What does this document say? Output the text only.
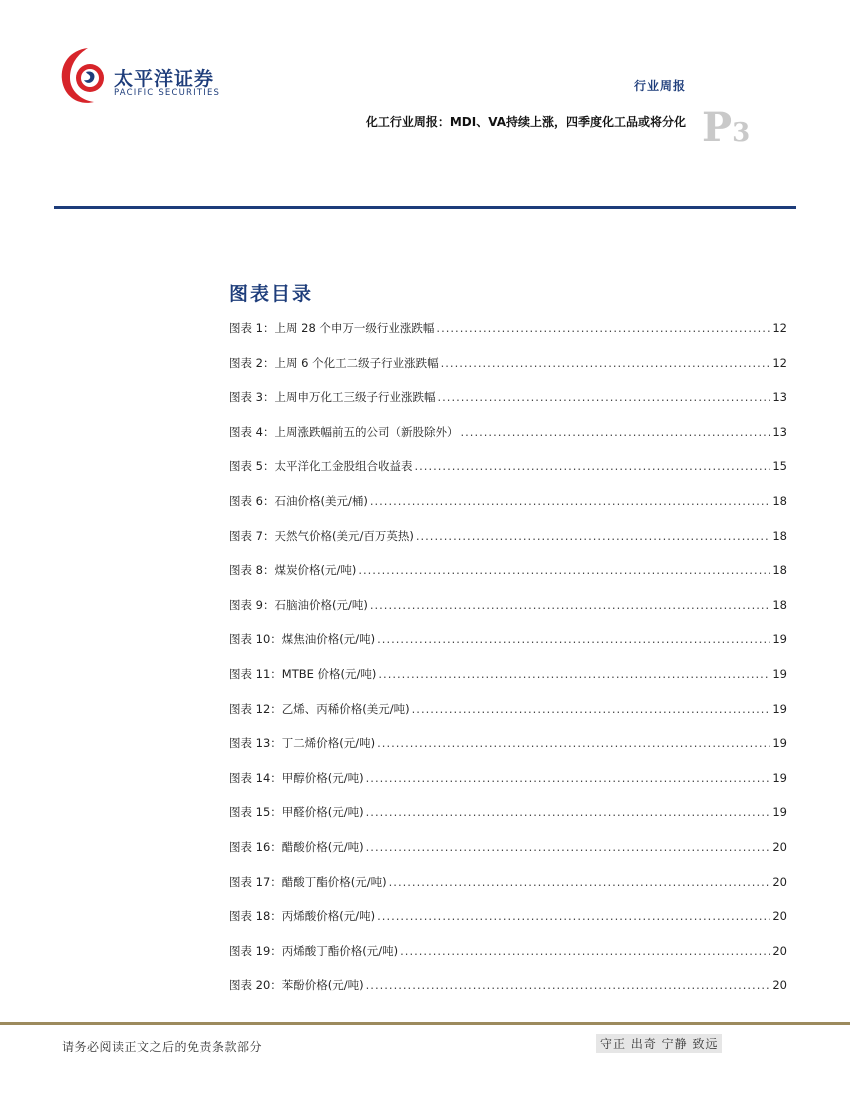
太平洋证券
PACIFIC SECURITIES	行业周报
化工行业周报：MDI、VA持续上涨，四季度化工品或将分化 P3
图表目录
图表 1：上周 28 个申万一级行业涨跌幅 .....	12
图表 2：上周 6 个化工二级子行业涨跌幅 .....	12
图表 3：上周申万化工三级子行业涨跌幅 .....	13
图表 4：上周涨跌幅前五的公司（新股除外） .....	13
图表 5：太平洋化工金股组合收益表 .....	15
图表 6：石油价格(美元/桶) .....	18
图表 7：天然气价格(美元/百万英热) .....	18
图表 8：煤炭价格(元/吨) .....	18
图表 9：石脑油价格(元/吨) .....	18
图表 10：煤焦油价格(元/吨) .....	19
图表 11：MTBE 价格(元/吨) .....	19
图表 12：乙烯、丙稀价格(美元/吨) .....	19
图表 13：丁二烯价格(元/吨) .....	19
图表 14：甲醇价格(元/吨) .....	19
图表 15：甲醛价格(元/吨) .....	19
图表 16：醋酸价格(元/吨) .....	20
图表 17：醋酸丁酯价格(元/吨) .....	20
图表 18：丙烯酸价格(元/吨) .....	20
图表 19：丙烯酸丁酯价格(元/吨) .....	20
图表 20：苯酚价格(元/吨) .....	20
请务必阅读正文之后的免责条款部分	守正 出奇 宁静 致远
